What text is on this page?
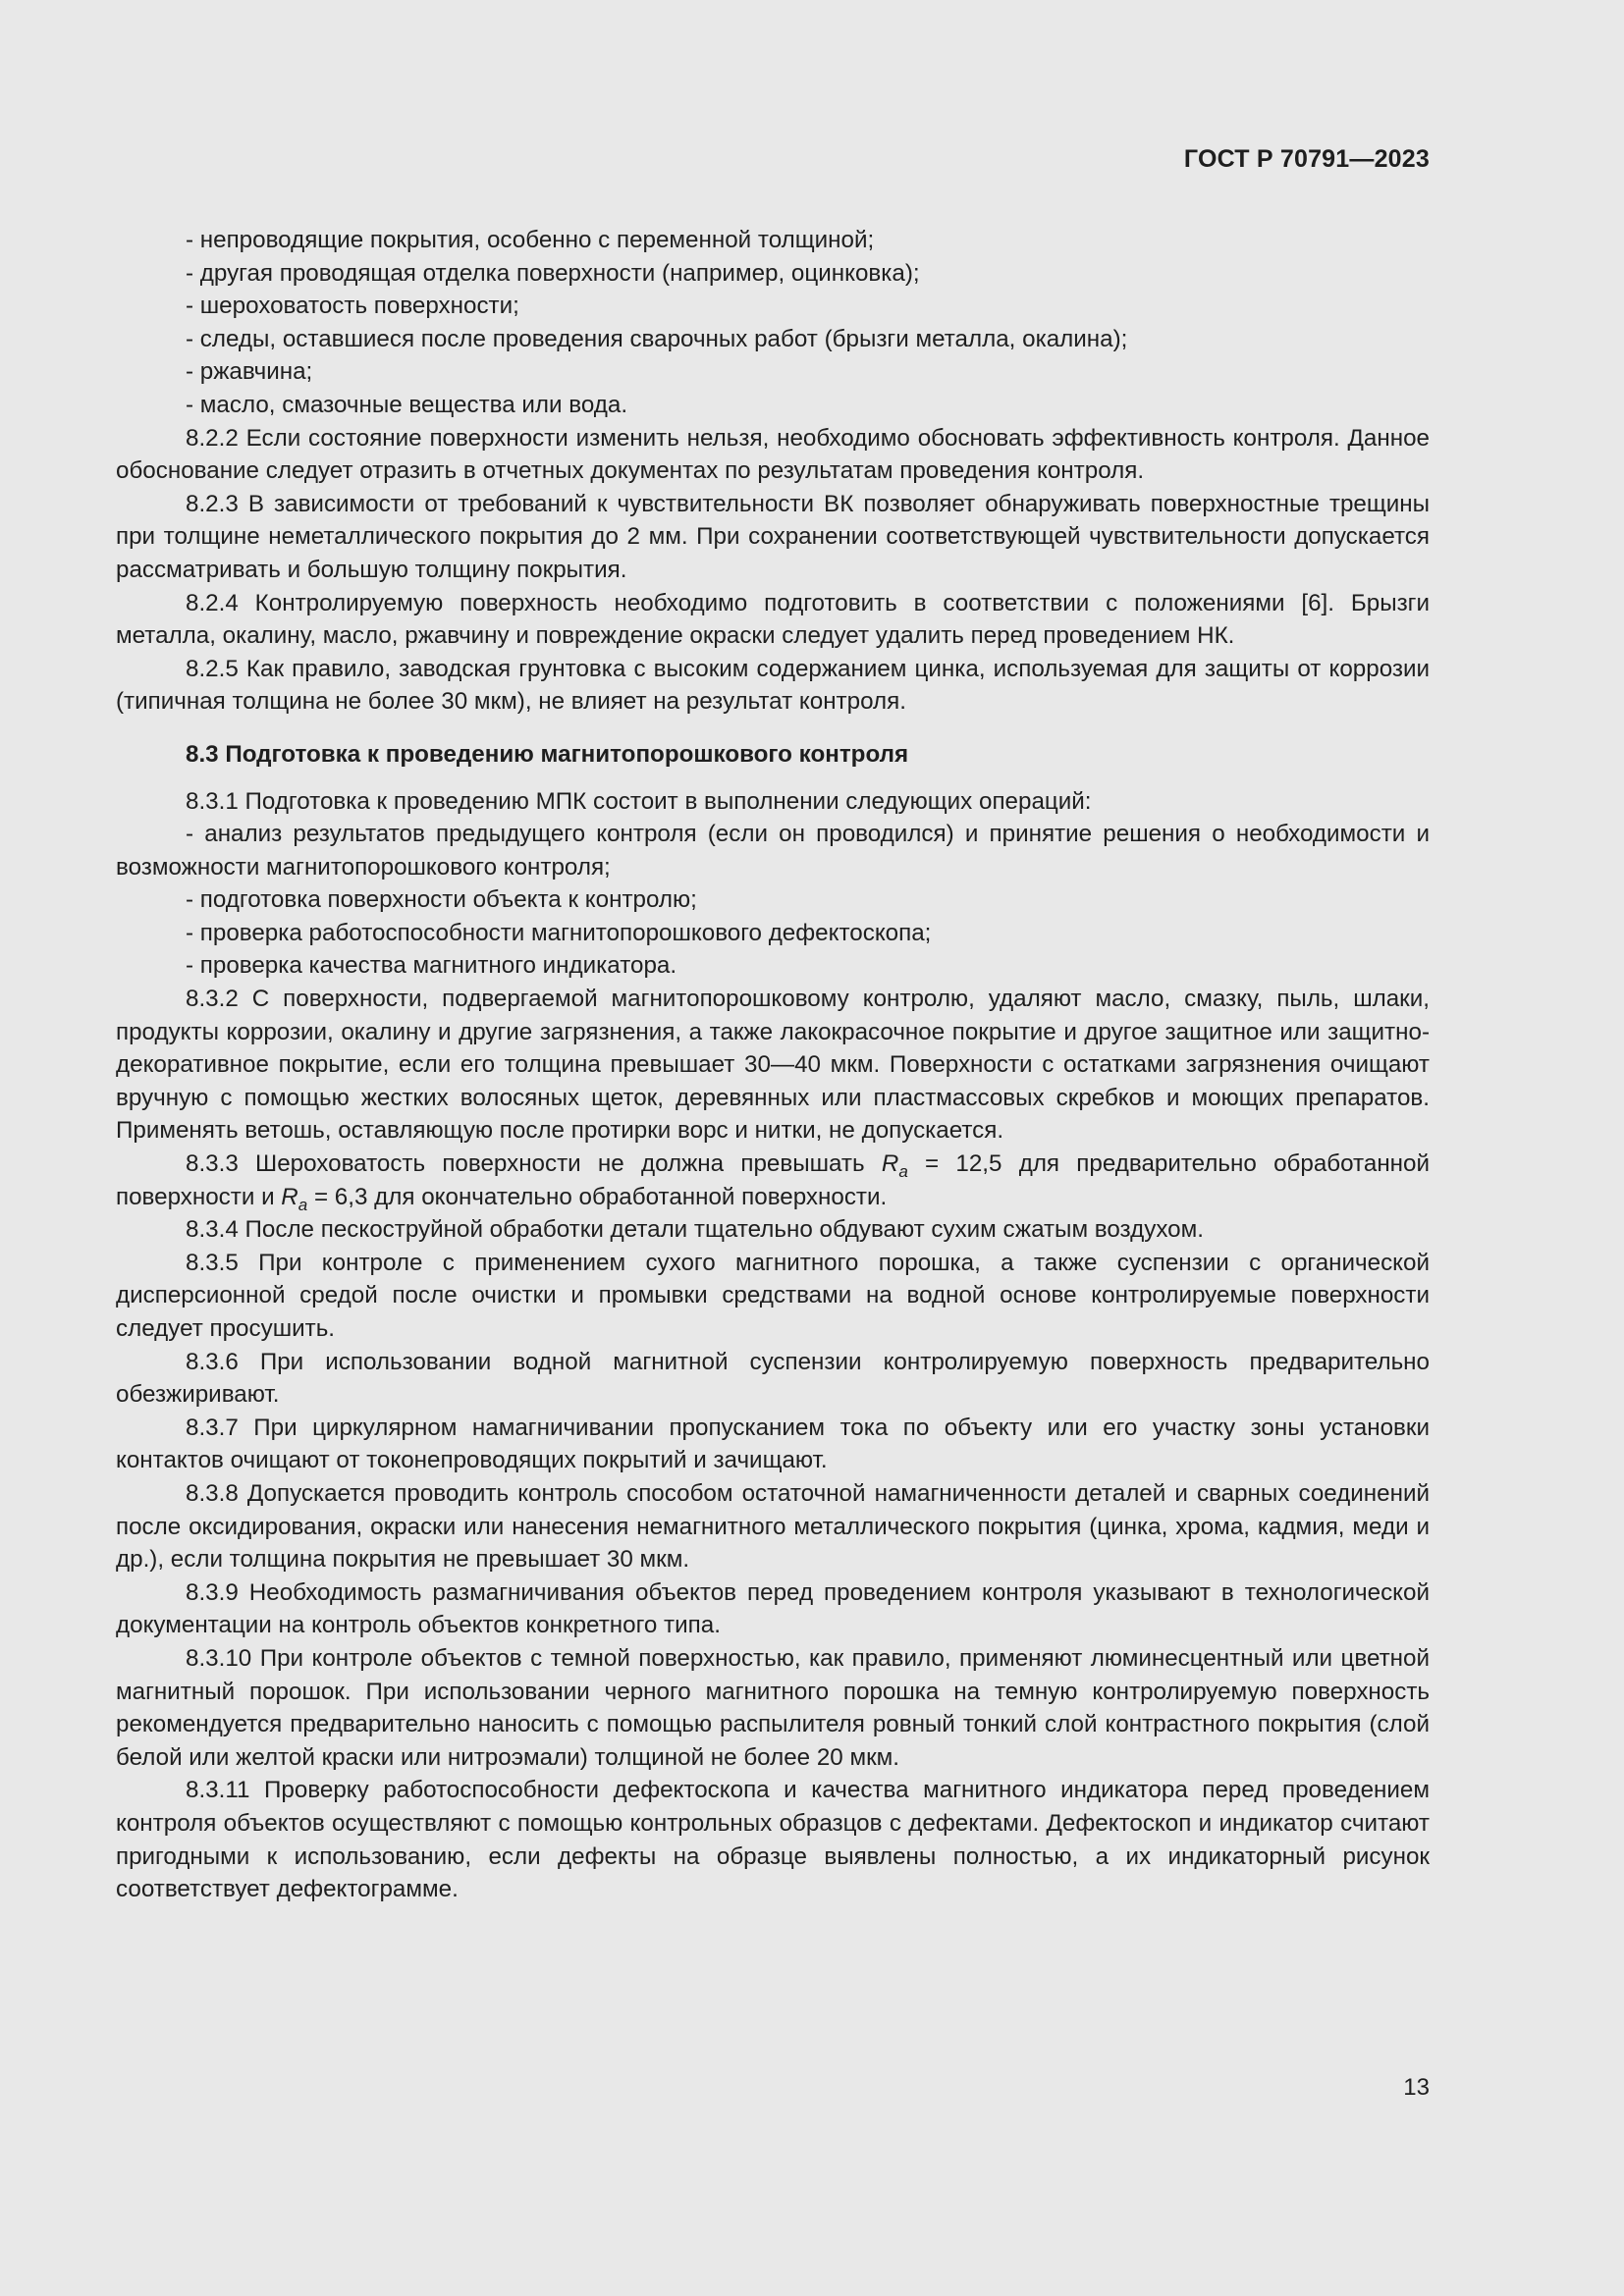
ГОСТ Р 70791—2023

- непроводящие покрытия, особенно с переменной толщиной;

- другая проводящая отделка поверхности (например, оцинковка);

- шероховатость поверхности;

- следы, оставшиеся после проведения сварочных работ (брызги металла, окалина);

- ржавчина;

- масло, смазочные вещества или вода.

8.2.2 Если состояние поверхности изменить нельзя, необходимо обосновать эффективность контроля. Данное обоснование следует отразить в отчетных документах по результатам проведения контроля.

8.2.3 В зависимости от требований к чувствительности ВК позволяет обнаруживать поверхностные трещины при толщине неметаллического покрытия до 2 мм. При сохранении соответствующей чувствительности допускается рассматривать и большую толщину покрытия.

8.2.4 Контролируемую поверхность необходимо подготовить в соответствии с положениями [6]. Брызги металла, окалину, масло, ржавчину и повреждение окраски следует удалить перед проведением НК.

8.2.5 Как правило, заводская грунтовка с высоким содержанием цинка, используемая для защиты от коррозии (типичная толщина не более 30 мкм), не влияет на результат контроля.

8.3 Подготовка к проведению магнитопорошкового контроля

8.3.1 Подготовка к проведению МПК состоит в выполнении следующих операций:

- анализ результатов предыдущего контроля (если он проводился) и принятие решения о необходимости и возможности магнитопорошкового контроля;

- подготовка поверхности объекта к контролю;

- проверка работоспособности магнитопорошкового дефектоскопа;

- проверка качества магнитного индикатора.

8.3.2 С поверхности, подвергаемой магнитопорошковому контролю, удаляют масло, смазку, пыль, шлаки, продукты коррозии, окалину и другие загрязнения, а также лакокрасочное покрытие и другое защитное или защитно-декоративное покрытие, если его толщина превышает 30—40 мкм. Поверхности с остатками загрязнения очищают вручную с помощью жестких волосяных щеток, деревянных или пластмассовых скребков и моющих препаратов. Применять ветошь, оставляющую после протирки ворс и нитки, не допускается.

8.3.3 Шероховатость поверхности не должна превышать $R_a = 12,5$ для предварительно обработанной поверхности и $R_a = 6,3$ для окончательно обработанной поверхности.

8.3.4 После пескоструйной обработки детали тщательно обдувают сухим сжатым воздухом.

8.3.5 При контроле с применением сухого магнитного порошка, а также суспензии с органической дисперсионной средой после очистки и промывки средствами на водной основе контролируемые поверхности следует просушить.

8.3.6 При использовании водной магнитной суспензии контролируемую поверхность предварительно обезжиривают.

8.3.7 При циркулярном намагничивании пропусканием тока по объекту или его участку зоны установки контактов очищают от токонепроводящих покрытий и зачищают.

8.3.8 Допускается проводить контроль способом остаточной намагниченности деталей и сварных соединений после оксидирования, окраски или нанесения немагнитного металлического покрытия (цинка, хрома, кадмия, меди и др.), если толщина покрытия не превышает 30 мкм.

8.3.9 Необходимость размагничивания объектов перед проведением контроля указывают в технологической документации на контроль объектов конкретного типа.

8.3.10 При контроле объектов с темной поверхностью, как правило, применяют люминесцентный или цветной магнитный порошок. При использовании черного магнитного порошка на темную контролируемую поверхность рекомендуется предварительно наносить с помощью распылителя ровный тонкий слой контрастного покрытия (слой белой или желтой краски или нитроэмали) толщиной не более 20 мкм.

8.3.11 Проверку работоспособности дефектоскопа и качества магнитного индикатора перед проведением контроля объектов осуществляют с помощью контрольных образцов с дефектами. Дефектоскоп и индикатор считают пригодными к использованию, если дефекты на образце выявлены полностью, а их индикаторный рисунок соответствует дефектограмме.

13
